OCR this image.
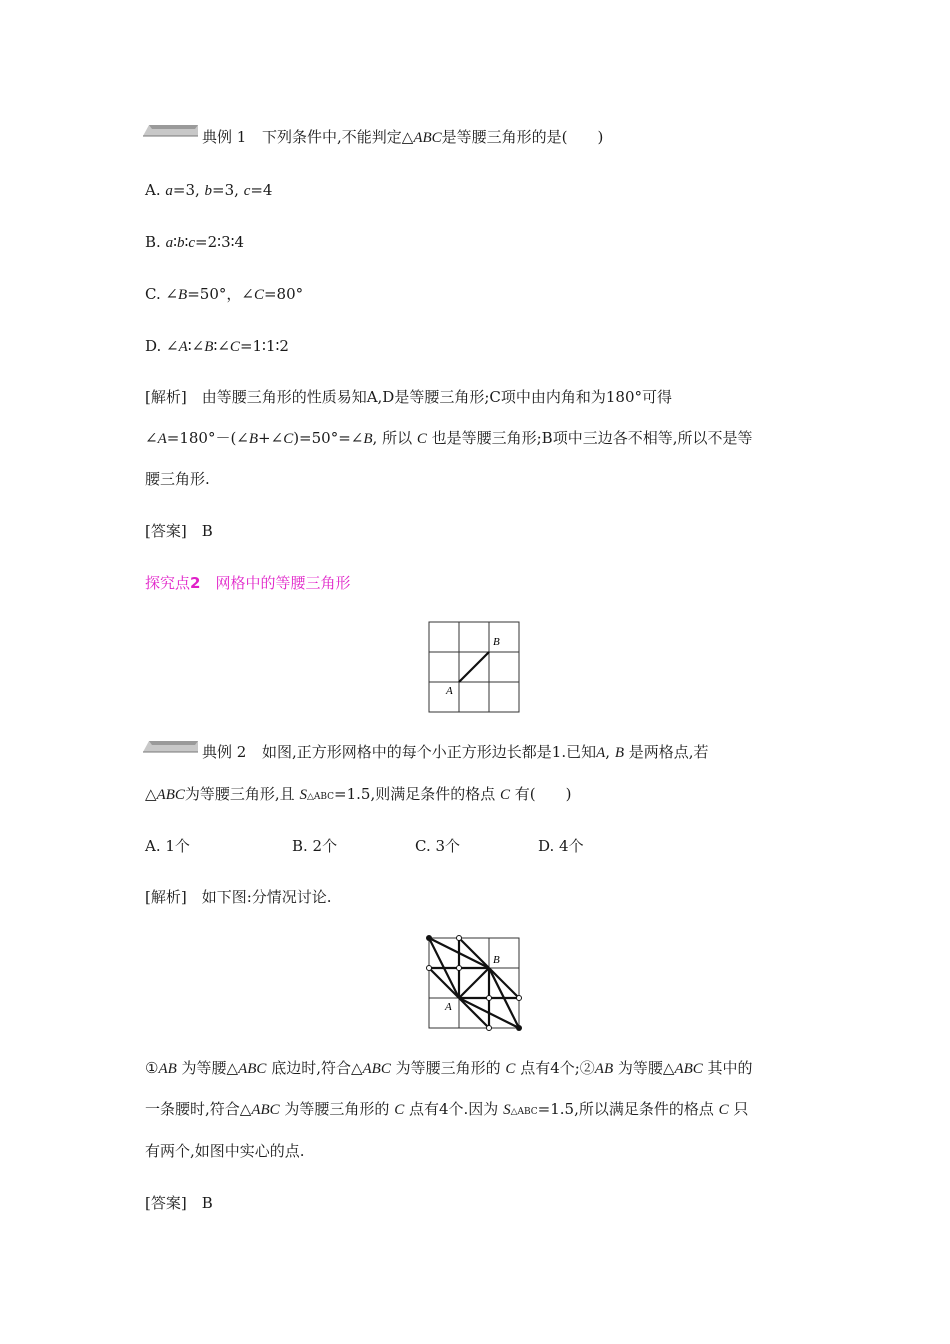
典例 1 下列条件中,不能判定△ABC是等腰三角形的是(　　)
A. a=3, b=3, c=4
B. a∶b∶c=2∶3∶4
C. ∠B=50°，∠C=80°
D. ∠A∶∠B∶∠C=1∶1∶2
[解析]　由等腰三角形的性质易知A,D是等腰三角形;C项中由内角和为180°可得
∠A=180°－(∠B+∠C)=50°=∠B, 所以 C 也是等腰三角形;B项中三边各不相等,所以不是等
腰三角形.
[答案]　B
探究点2　 网格中的等腰三角形
B
A
典例 2 如图,正方形网格中的每个小正方形边长都是1.已知A, B 是两格点,若
△ABC为等腰三角形,且 S△ABC=1.5,则满足条件的格点 C 有(　　)
A. 1个	B. 2个	C. 3个	D. 4个
[解析]　如下图:分情况讨论.
B
A
①AB 为等腰△ABC 底边时,符合△ABC 为等腰三角形的 C 点有4个;②AB 为等腰△ABC 其中的
一条腰时,符合△ABC 为等腰三角形的 C 点有4个.因为 S△ABC=1.5,所以满足条件的格点 C 只
有两个,如图中实心的点.
[答案]　B
